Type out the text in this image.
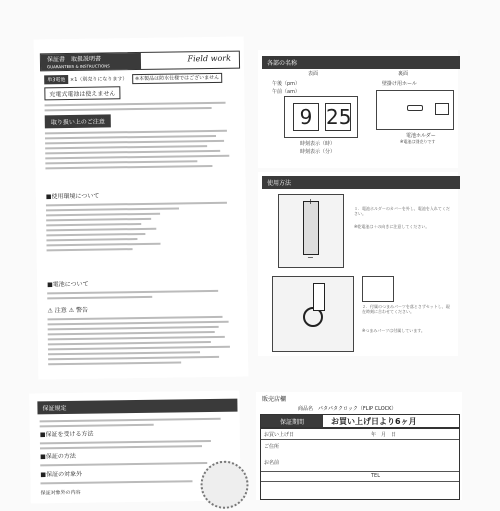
保証書　取扱説明書
GUARANTEES & INSTRUCTIONS
Field work
単3電池 ×1（別売りになります） ※本製品は防水仕様ではございません
充電式電池は使えません
取り扱い上のご注意
■使用環境について
■電池について
⚠ 注意 ⚠ 警告
保証規定
■保証を受ける方法
■保証の方法
■保証の対象外
保証対象外の内容
各部の名称
表面	裏面
午後（pm）
午前（am）
9 25
時刻表示（時）
時刻表示（分）
壁掛け用ホール
電池ホルダー
※電池は別売りです
使用方法
+
−
１．電池ホルダーのカバーを外し、電池を入れてください。
※乾電池は＋の向きに注意してください。
２．付属のつまみパーツを落とさずセットし、現在時刻に合わせてください。
※つまみパーツは付属しています。
販売店欄
商品名 パタパタクロック（FLIP CLOCK）
保証期間	お買い上げ日より6ヶ月
お買い上げ日	年　月　日
ご住所
お名前
TEL
